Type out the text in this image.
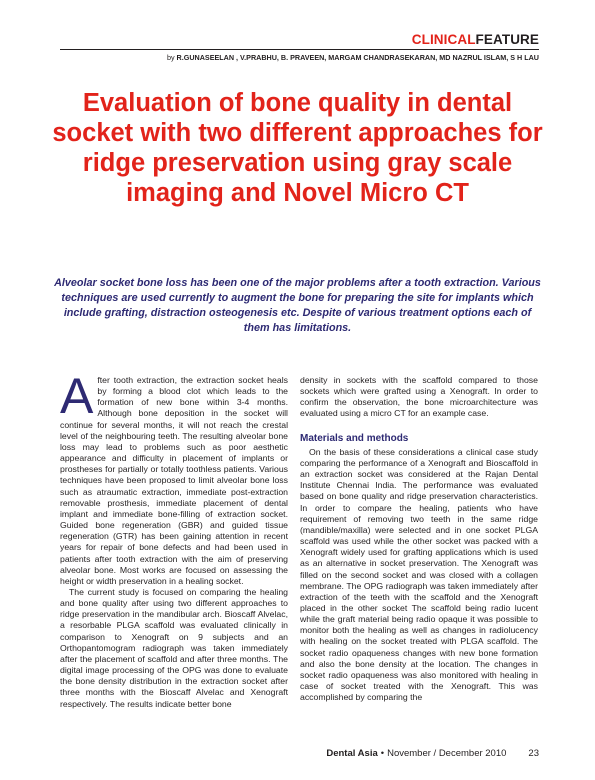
CLINICALFEATURE
by R.GUNASEELAN , V.PRABHU, B. PRAVEEN, MARGAM CHANDRASEKARAN, MD NAZRUL ISLAM, S H LAU
Evaluation of bone quality in dental socket with two different approaches for ridge preservation using gray scale imaging and Novel Micro CT
Alveolar socket bone loss has been one of the major problems after a tooth extraction. Various techniques are used currently to augment the bone for preparing the site for implants which include grafting, distraction osteogenesis etc. Despite of various treatment options each of them has limitations.

After tooth extraction, the extraction socket heals by forming a blood clot which leads to the formation of new bone within 3-4 months. Although bone deposition in the socket will continue for several months, it will not reach the crestal level of the neighbouring teeth. The resulting alveolar bone loss may lead to problems such as poor aesthetic appearance and difficulty in placement of implants or prostheses for partially or totally toothless patients. Various techniques have been proposed to limit alveolar bone loss such as atraumatic extraction, immediate post-extraction removable prosthesis, immediate placement of dental implant and immediate bone-filling of extraction socket. Guided bone regeneration (GBR) and guided tissue regeneration (GTR) has been gaining attention in recent years for repair of bone defects and had been used in patients after tooth extraction with the aim of preserving alveolar bone. Most works are focused on assessing the height or width preservation in a healing socket.

The current study is focused on comparing the healing and bone quality after using two different approaches to ridge preservation in the mandibular arch. Bioscaff Alvelac, a resorbable PLGA scaffold was evaluated clinically in comparison to Xenograft on 9 subjects and an Orthopantomogram radiograph was taken immediately after the placement of scaffold and after three months. The digital image processing of the OPG was done to evaluate the bone density distribution in the extraction socket after three months with the Bioscaff Alvelac and Xenograft respectively. The results indicate better bone

density in sockets with the scaffold compared to those sockets which were grafted using a Xenograft. In order to confirm the observation, the bone microarchitecture was evaluated using a micro CT for an example case.

Materials and methods

On the basis of these considerations a clinical case study comparing the performance of a Xenograft and Bioscaffold in an extraction socket was considered at the Rajan Dental Institute Chennai India. The performance was evaluated based on bone quality and ridge preservation characteristics. In order to compare the healing, patients who have requirement of removing two teeth in the same ridge (mandible/maxilla) were selected and in one socket PLGA scaffold was used while the other socket was packed with a Xenograft widely used for grafting applications which is used as an alternative in socket preservation. The Xenograft was filled on the second socket and was closed with a collagen membrane. The OPG radiograph was taken immediately after extraction of the teeth with the scaffold and the Xenograft placed in the other socket The scaffold being radio lucent while the graft material being radio opaque it was possible to monitor both the healing as well as changes in radiolucency with healing on the socket treated with PLGA scaffold. The socket radio opaqueness changes with new bone formation and also the bone density at the location. The changes in socket radio opaqueness was also monitored with healing in case of socket treated with the Xenograft. This was accomplished by comparing the

Dental Asia • November / December 2010 23
